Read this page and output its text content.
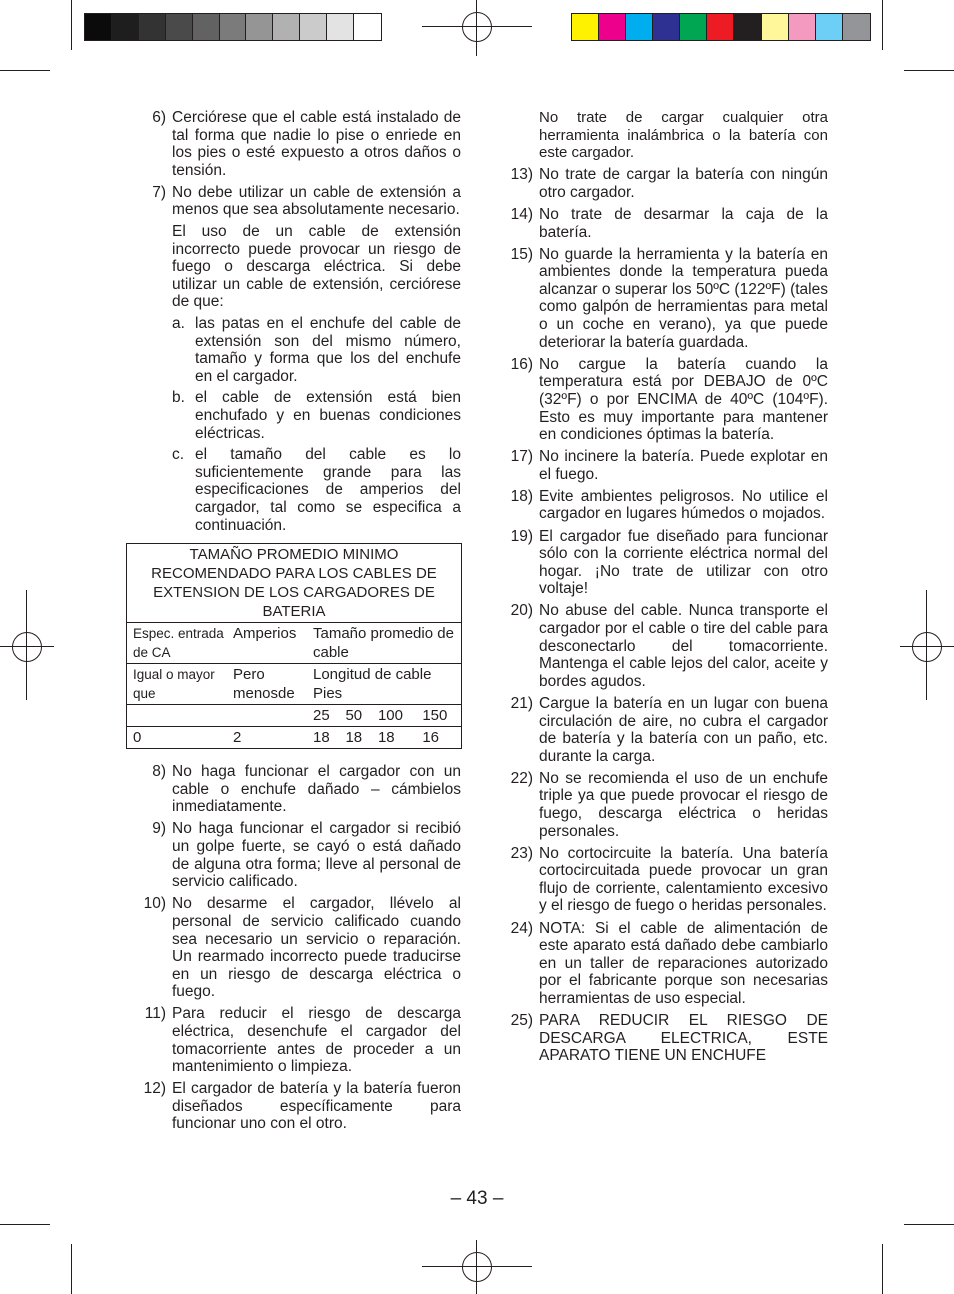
6) Cerciórese que el cable está instalado de tal forma que nadie lo pise o enriede en los pies o esté expuesto a otros daños o tensión.
7) No debe utilizar un cable de extensión a menos que sea absolutamente necesario.

El uso de un cable de extensión incorrecto puede provocar un riesgo de fuego o descarga eléctrica. Si debe utilizar un cable de extensión, cerciórese de que:

a. las patas en el enchufe del cable de extensión son del mismo número, tamaño y forma que los del enchufe en el cargador.
b. el cable de extensión está bien enchufado y en buenas condiciones eléctricas.
c. el tamaño del cable es lo suficientemente grande para las especificaciones de amperios del cargador, tal como se especifica a continuación.
TAMAÑO PROMEDIO MINIMO RECOMENDADO PARA LOS CABLES DE EXTENSION DE LOS CARGADORES DE BATERIA					
Espec. entrada de CA	Amperios	Tamaño promedio de cable			
Igual o mayor que	Pero menosde	Longitud de cable Pies			
		25	50	100	150
0	2	18	18	18	16
8) No haga funcionar el cargador con un cable o enchufe dañado – cámbielos inmediatamente.
9) No haga funcionar el cargador si recibió un golpe fuerte, se cayó o está dañado de alguna otra forma; lleve al personal de servicio calificado.
10) No desarme el cargador, llévelo al personal de servicio calificado cuando sea necesario un servicio o reparación. Un rearmado incorrecto puede traducirse en un riesgo de descarga eléctrica o fuego.
11) Para reducir el riesgo de descarga eléctrica, desenchufe el cargador del tomacorriente antes de proceder a un mantenimiento o limpieza.
12) El cargador de batería y la batería fueron diseñados específicamente para funcionar uno con el otro.

No trate de cargar cualquier otra herramienta inalámbrica o la batería con este cargador.

13) No trate de cargar la batería con ningún otro cargador.
14) No trate de desarmar la caja de la batería.
15) No guarde la herramienta y la batería en ambientes donde la temperatura pueda alcanzar o superar los 50ºC (122ºF) (tales como galpón de herramientas para metal o un coche en verano), ya que puede deteriorar la batería guardada.
16) No cargue la batería cuando la temperatura está por DEBAJO de 0ºC (32ºF) o por ENCIMA de 40ºC (104ºF). Esto es muy importante para mantener en condiciones óptimas la batería.
17) No incinere la batería. Puede explotar en el fuego.
18) Evite ambientes peligrosos. No utilice el cargador en lugares húmedos o mojados.
19) El cargador fue diseñado para funcionar sólo con la corriente eléctrica normal del hogar. ¡No trate de utilizar con otro voltaje!
20) No abuse del cable. Nunca transporte el cargador por el cable o tire del cable para desconectarlo del tomacorriente. Mantenga el cable lejos del calor, aceite y bordes agudos.
21) Cargue la batería en un lugar con buena circulación de aire, no cubra el cargador de batería y la batería con un paño, etc. durante la carga.
22) No se recomienda el uso de un enchufe triple ya que puede provocar el riesgo de fuego, descarga eléctrica o heridas personales.
23) No cortocircuite la batería. Una batería cortocircuitada puede provocar un gran flujo de corriente, calentamiento excesivo y el riesgo de fuego o heridas personales.
24) NOTA: Si el cable de alimentación de este aparato está dañado debe cambiarlo en un taller de reparaciones autorizado por el fabricante porque son necesarias herramientas de uso especial.
25) PARA REDUCIR EL RIESGO DE DESCARGA ELECTRICA, ESTE APARATO TIENE UN ENCHUFE
– 43 –
